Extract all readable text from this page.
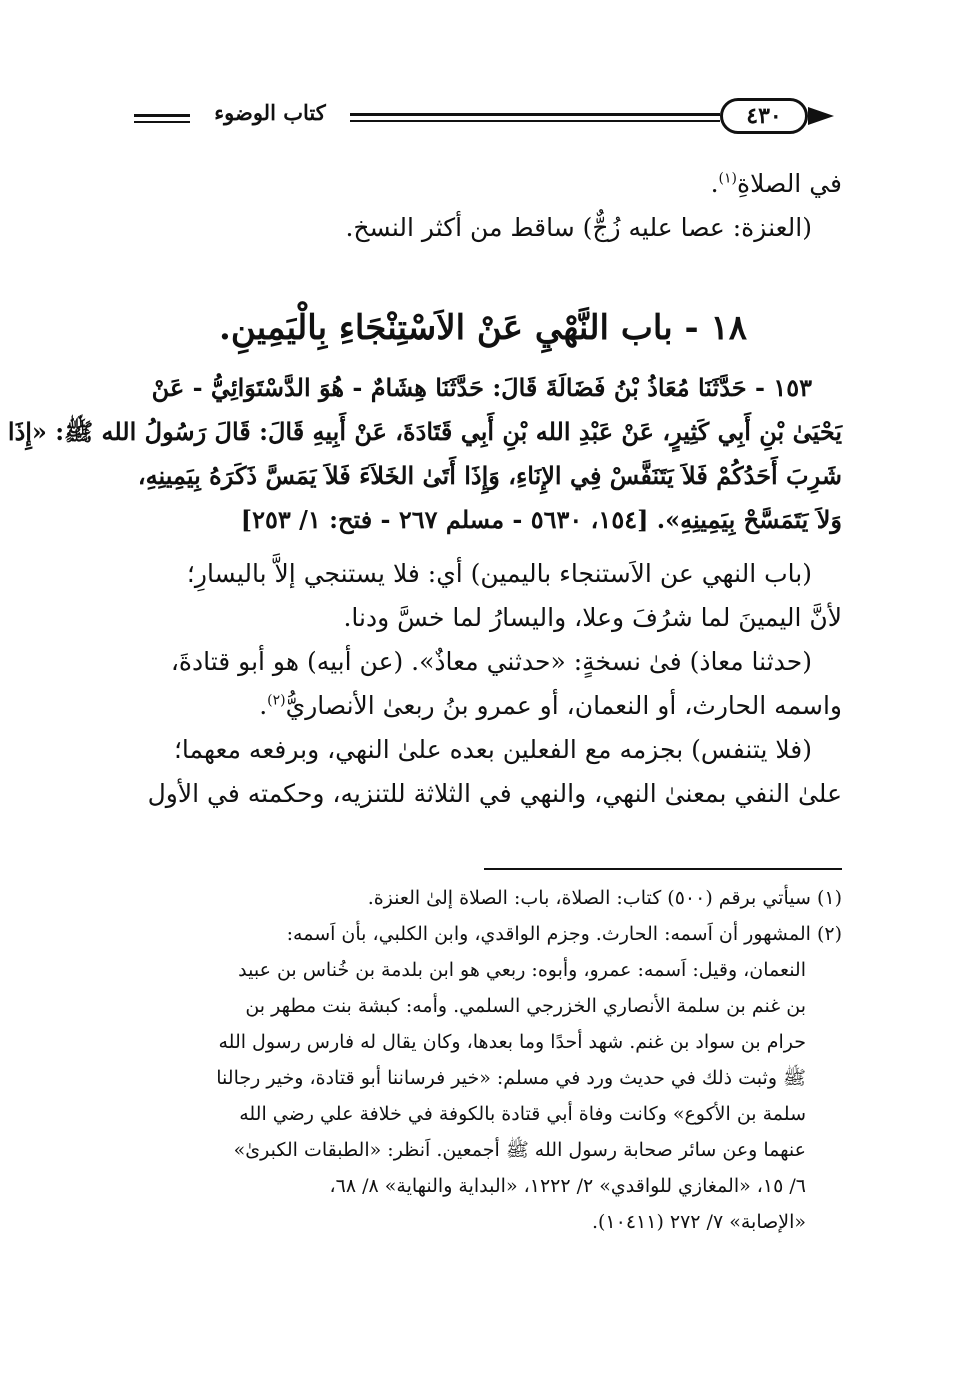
كتاب الوضوء	٤٣٠
في الصلاةِ$^{(١)}$.
(العنزة: عصا عليه زُجٌّ) ساقط من أكثر النسخ.
١٨ - باب النَّهْيِ عَنْ الاَسْتِنْجَاءِ بِالْيَمِينِ.
١٥٣ - حَدَّثَنَا مُعَاذُ بْنُ فَضَالَةَ قَالَ: حَدَّثَنَا هِشَامٌ - هُوَ الدَّسْتَوَائِيُّ - عَنْ
يَحْيَىٰ بْنِ أَبِي كَثِيرٍ، عَنْ عَبْدِ الله بْنِ أَبِي قَتَادَةَ، عَنْ أَبِيهِ قَالَ: قَالَ رَسُولُ الله ﷺ: «إِذَا
شَرِبَ أَحَدُكُمْ فَلاَ يَتَنَفَّسْ فِي الإِنَاءِ، وَإِذَا أَتَىٰ الخَلاَءَ فَلاَ يَمَسَّ ذَكَرَهُ بِيَمِينِهِ،
وَلاَ يَتَمَسَّحْ بِيَمِينِهِ». [١٥٤، ٥٦٣٠ - مسلم ٢٦٧ - فتح: ١/ ٢٥٣]
(باب النهي عن الاَستنجاء باليمين) أي: فلا يستنجي إلاَّ باليسارِ؛
لأنَّ اليمينَ لما شرُفَ وعلا، واليسارُ لما خسَّ ودنا.
(حدثنا معاذ) فىٰ نسخةٍ: «حدثني معاذٌ». (عن أبيه) هو أبو قتادةَ،
واسمه الحارث، أو النعمان، أو عمرو بنُ ربعىٰ الأنصاريُّ$^{(٢)}$.
(فلا يتنفس) بجزمه مع الفعلين بعده علىٰ النهي، وبرفعه معهما؛
علىٰ النفي بمعنىٰ النهي، والنهي في الثلاثة للتنزيه، وحكمته في الأول
(١) سيأتي برقم (٥٠٠) كتاب: الصلاة، باب: الصلاة إلىٰ العنزة.
(٢) المشهور أن اَسمه: الحارث. وجزم الواقدي، وابن الكلبي، بأن اَسمه:
النعمان، وقيل: اَسمه: عمرو، وأبوه: ربعي هو ابن بلدمة بن خُناس بن عبيد
بن غنم بن سلمة الأنصاري الخزرجي السلمي. وأمه: كبشة بنت مطهر بن
حرام بن سواد بن غنم. شهد أحدًا وما بعدها، وكان يقال له فارس رسول الله
ﷺ وثبت ذلك في حديث ورد في مسلم: «خير فرساننا أبو قتادة، وخير رجالنا
سلمة بن الأكوع» وكانت وفاة أبي قتادة بالكوفة في خلافة علي رضي الله
عنهما وعن سائر صحابة رسول الله ﷺ أجمعين. اَنظر: «الطبقات الكبرىٰ»
٦/ ١٥، «المغازي للواقدي» ٢/ ١٢٢٢، «البداية والنهاية» ٨/ ٦٨،
«الإصابة» ٧/ ٢٧٢ (١٠٤١١).
